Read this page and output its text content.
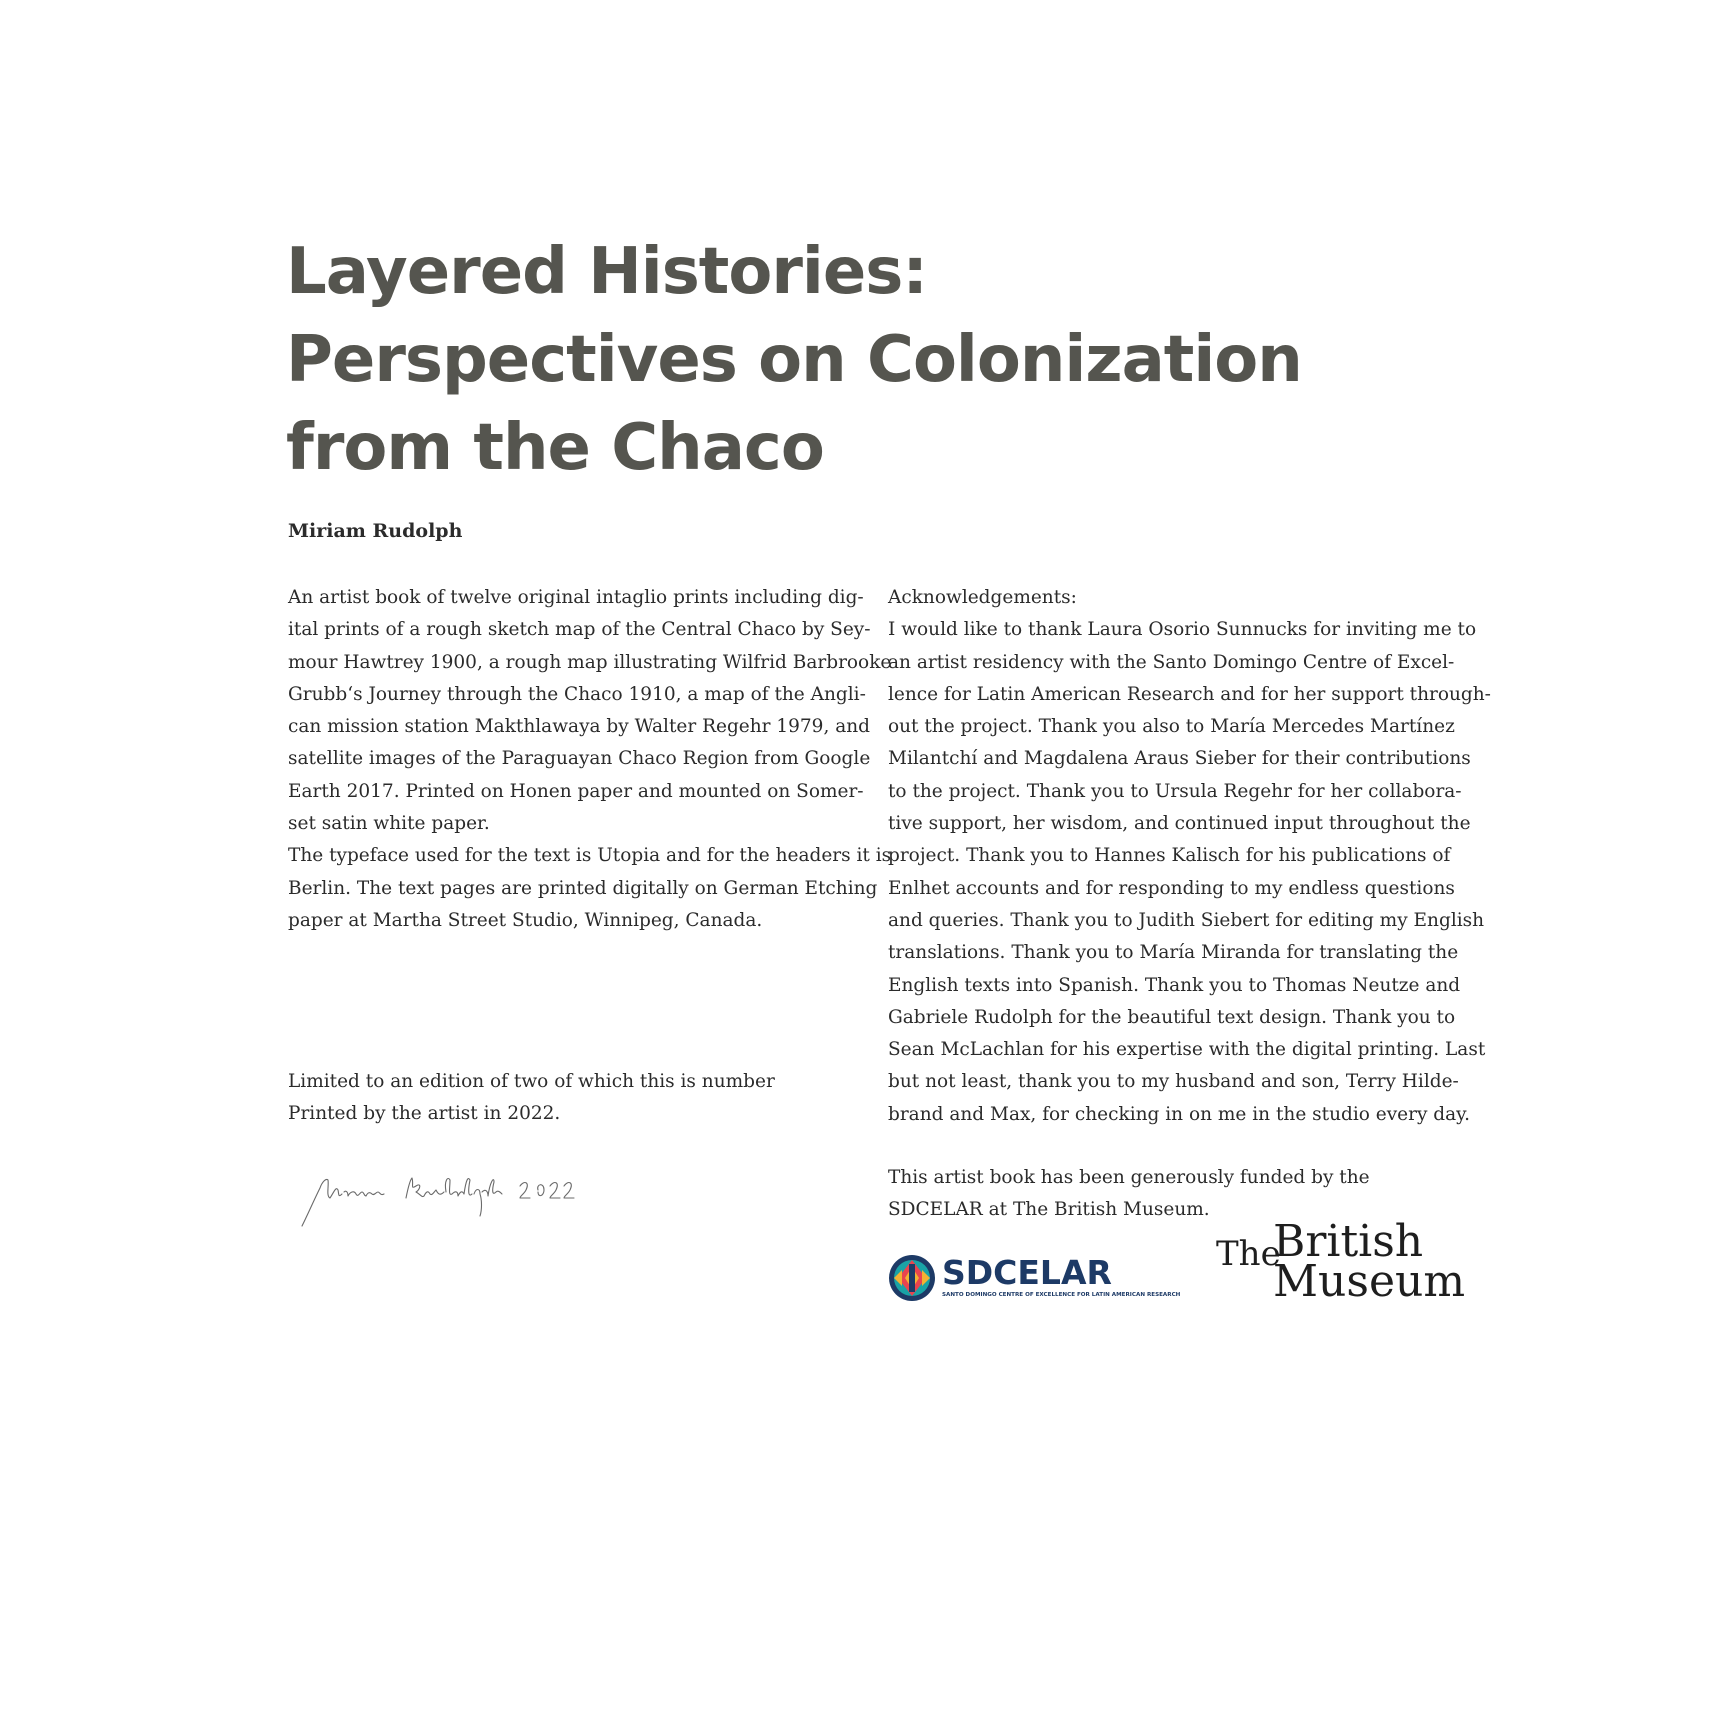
Layered Histories:
Perspectives on Colonization
from the Chaco
Miriam Rudolph
An artist book of twelve original intaglio prints including dig-
ital prints of a rough sketch map of the Central Chaco by Sey-
mour Hawtrey 1900, a rough map illustrating Wilfrid Barbrooke
Grubb‘s Journey through the Chaco 1910, a map of the Angli-
can mission station Makthlawaya by Walter Regehr 1979, and
satellite images of the Paraguayan Chaco Region from Google
Earth 2017. Printed on Honen paper and mounted on Somer-
set satin white paper.
The typeface used for the text is Utopia and for the headers it is
Berlin. The text pages are printed digitally on German Etching
paper at Martha Street Studio, Winnipeg, Canada.
Limited to an edition of two of which this is number
Printed by the artist in 2022.
Acknowledgements:
I would like to thank Laura Osorio Sunnucks for inviting me to
an artist residency with the Santo Domingo Centre of Excel-
lence for Latin American Research and for her support through-
out the project. Thank you also to María Mercedes Martínez
Milantchí and Magdalena Araus Sieber for their contributions
to the project. Thank you to Ursula Regehr for her collabora-
tive support, her wisdom, and continued input throughout the
project. Thank you to Hannes Kalisch for his publications of
Enlhet accounts and for responding to my endless questions
and queries. Thank you to Judith Siebert for editing my English
translations. Thank you to María Miranda for translating the
English texts into Spanish. Thank you to Thomas Neutze and
Gabriele Rudolph for the beautiful text design. Thank you to
Sean McLachlan for his expertise with the digital printing. Last
but not least, thank you to my husband and son, Terry Hilde-
brand and Max, for checking in on me in the studio every day.
This artist book has been generously funded by the
SDCELAR at The British Museum.
SDCELAR
SANTO DOMINGO CENTRE OF EXCELLENCE FOR LATIN AMERICAN RESEARCH
The
British
Museum
